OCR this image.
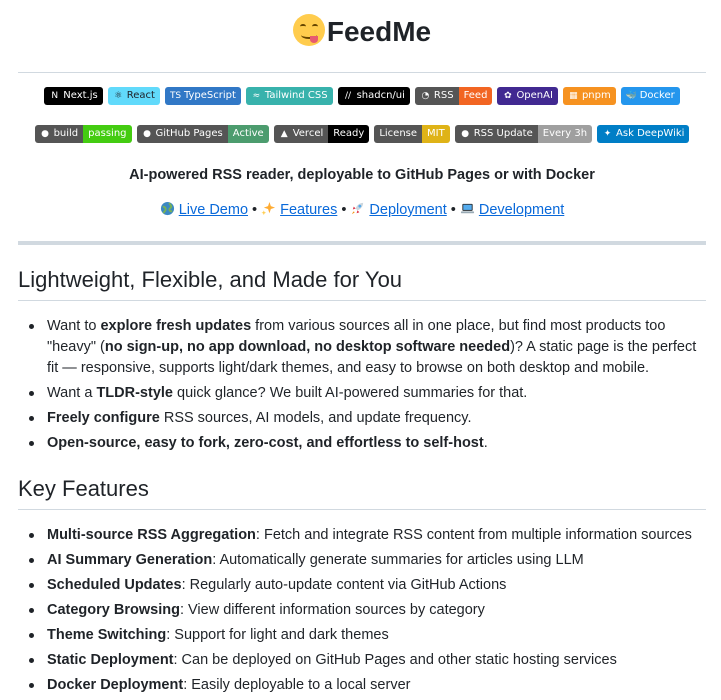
FeedMe
N Next.js ⚛ React TS TypeScript ≈ Tailwind CSS // shadcn/ui ◔ RSS	Feed	✿ OpenAI ▦ pnpm 🐳 Docker
● build	passing	● GitHub Pages	Active	▲ Vercel	Ready	License	MIT	● RSS Update	Every 3h	✦ Ask DeepWiki

AI-powered RSS reader, deployable to GitHub Pages or with Docker

Live Demo • Features • Deployment • Development
Lightweight, Flexible, and Made for You
Want to explore fresh updates from various sources all in one place, but find most products too "heavy" (no sign-up, no app download, no desktop software needed)? A static page is the perfect fit — responsive, supports light/dark themes, and easy to browse on both desktop and mobile.
Want a TLDR-style quick glance? We built AI-powered summaries for that.
Freely configure RSS sources, AI models, and update frequency.
Open-source, easy to fork, zero-cost, and effortless to self-host.
Key Features
Multi-source RSS Aggregation: Fetch and integrate RSS content from multiple information sources
AI Summary Generation: Automatically generate summaries for articles using LLM
Scheduled Updates: Regularly auto-update content via GitHub Actions
Category Browsing: View different information sources by category
Theme Switching: Support for light and dark themes
Static Deployment: Can be deployed on GitHub Pages and other static hosting services
Docker Deployment: Easily deployable to a local server
